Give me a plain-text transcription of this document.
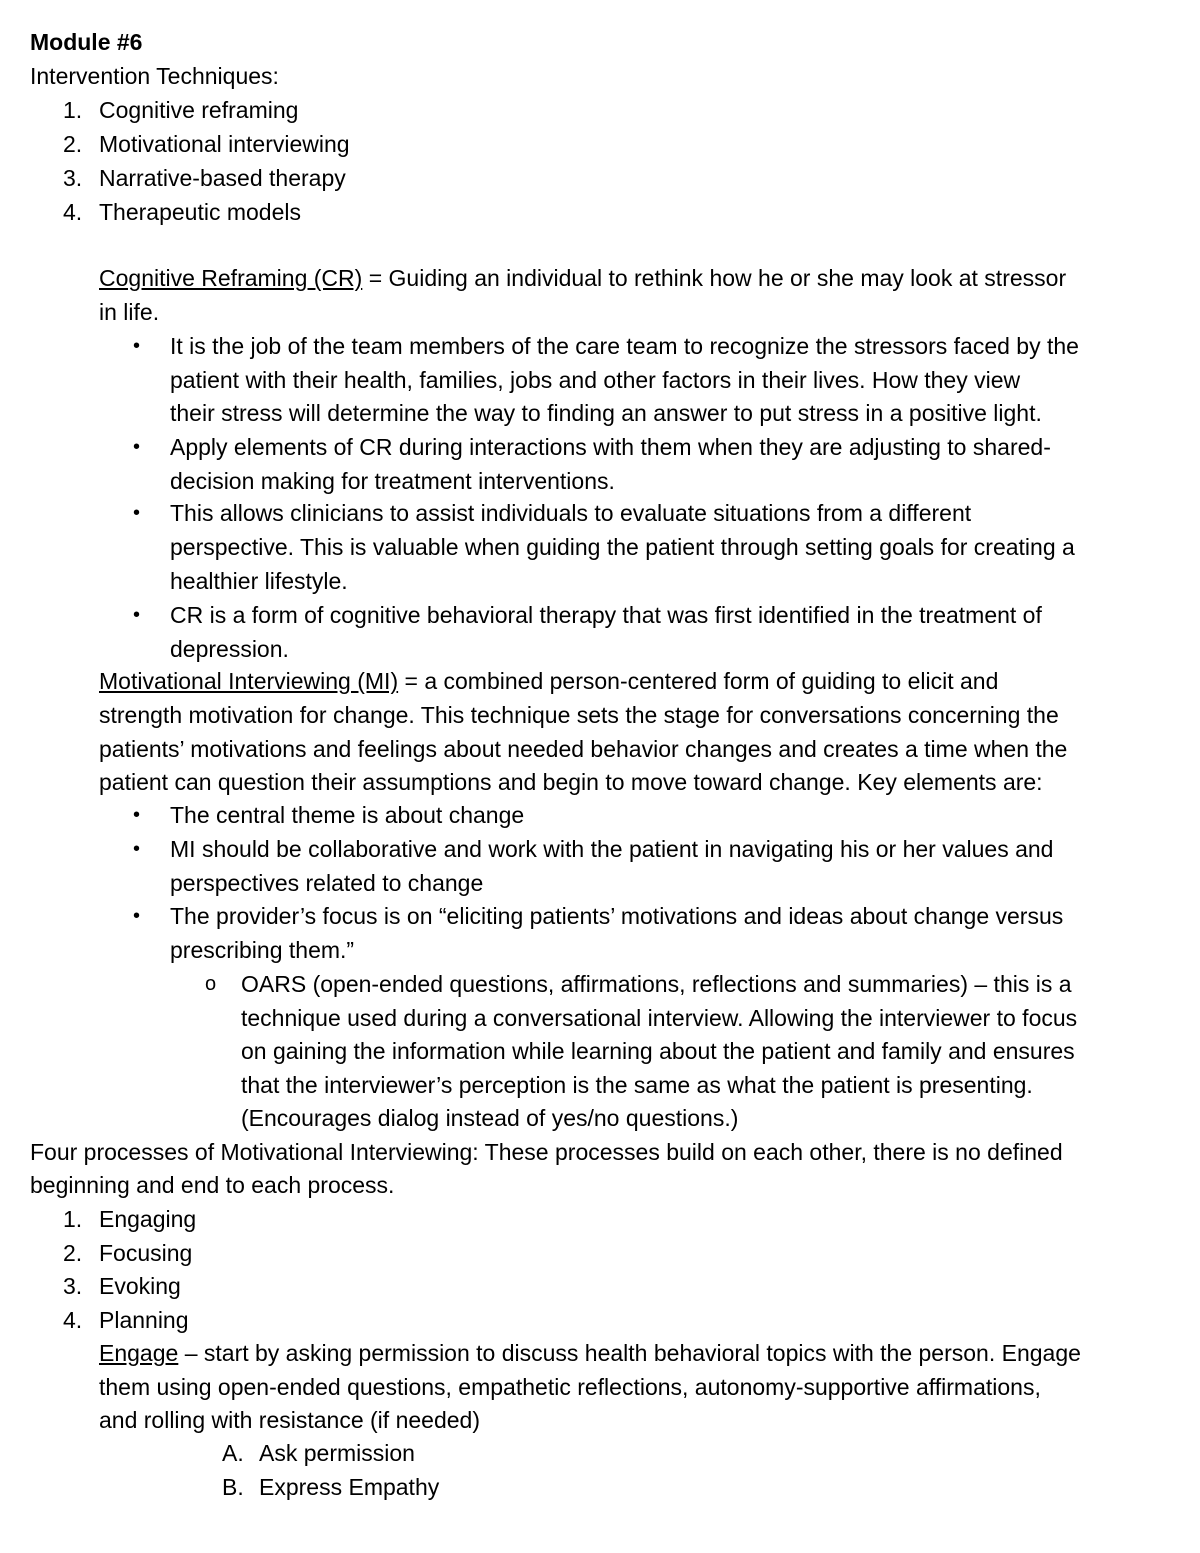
Module #6
Intervention Techniques:
1. Cognitive reframing
2. Motivational interviewing
3. Narrative-based therapy
4. Therapeutic models
Cognitive Reframing (CR) = Guiding an individual to rethink how he or she may look at stressor
in life.
• It is the job of the team members of the care team to recognize the stressors faced by the
patient with their health, families, jobs and other factors in their lives. How they view
their stress will determine the way to finding an answer to put stress in a positive light.
• Apply elements of CR during interactions with them when they are adjusting to shared-
decision making for treatment interventions.
• This allows clinicians to assist individuals to evaluate situations from a different
perspective. This is valuable when guiding the patient through setting goals for creating a
healthier lifestyle.
• CR is a form of cognitive behavioral therapy that was first identified in the treatment of
depression.
Motivational Interviewing (MI) = a combined person-centered form of guiding to elicit and
strength motivation for change. This technique sets the stage for conversations concerning the
patients’ motivations and feelings about needed behavior changes and creates a time when the
patient can question their assumptions and begin to move toward change. Key elements are:
• The central theme is about change
• MI should be collaborative and work with the patient in navigating his or her values and
perspectives related to change
• The provider’s focus is on “eliciting patients’ motivations and ideas about change versus
prescribing them.”
o OARS (open-ended questions, affirmations, reflections and summaries) – this is a
technique used during a conversational interview. Allowing the interviewer to focus
on gaining the information while learning about the patient and family and ensures
that the interviewer’s perception is the same as what the patient is presenting.
(Encourages dialog instead of yes/no questions.)
Four processes of Motivational Interviewing: These processes build on each other, there is no defined
beginning and end to each process.
1. Engaging
2. Focusing
3. Evoking
4. Planning
Engage – start by asking permission to discuss health behavioral topics with the person. Engage
them using open-ended questions, empathetic reflections, autonomy-supportive affirmations,
and rolling with resistance (if needed)
A. Ask permission
B. Express Empathy
